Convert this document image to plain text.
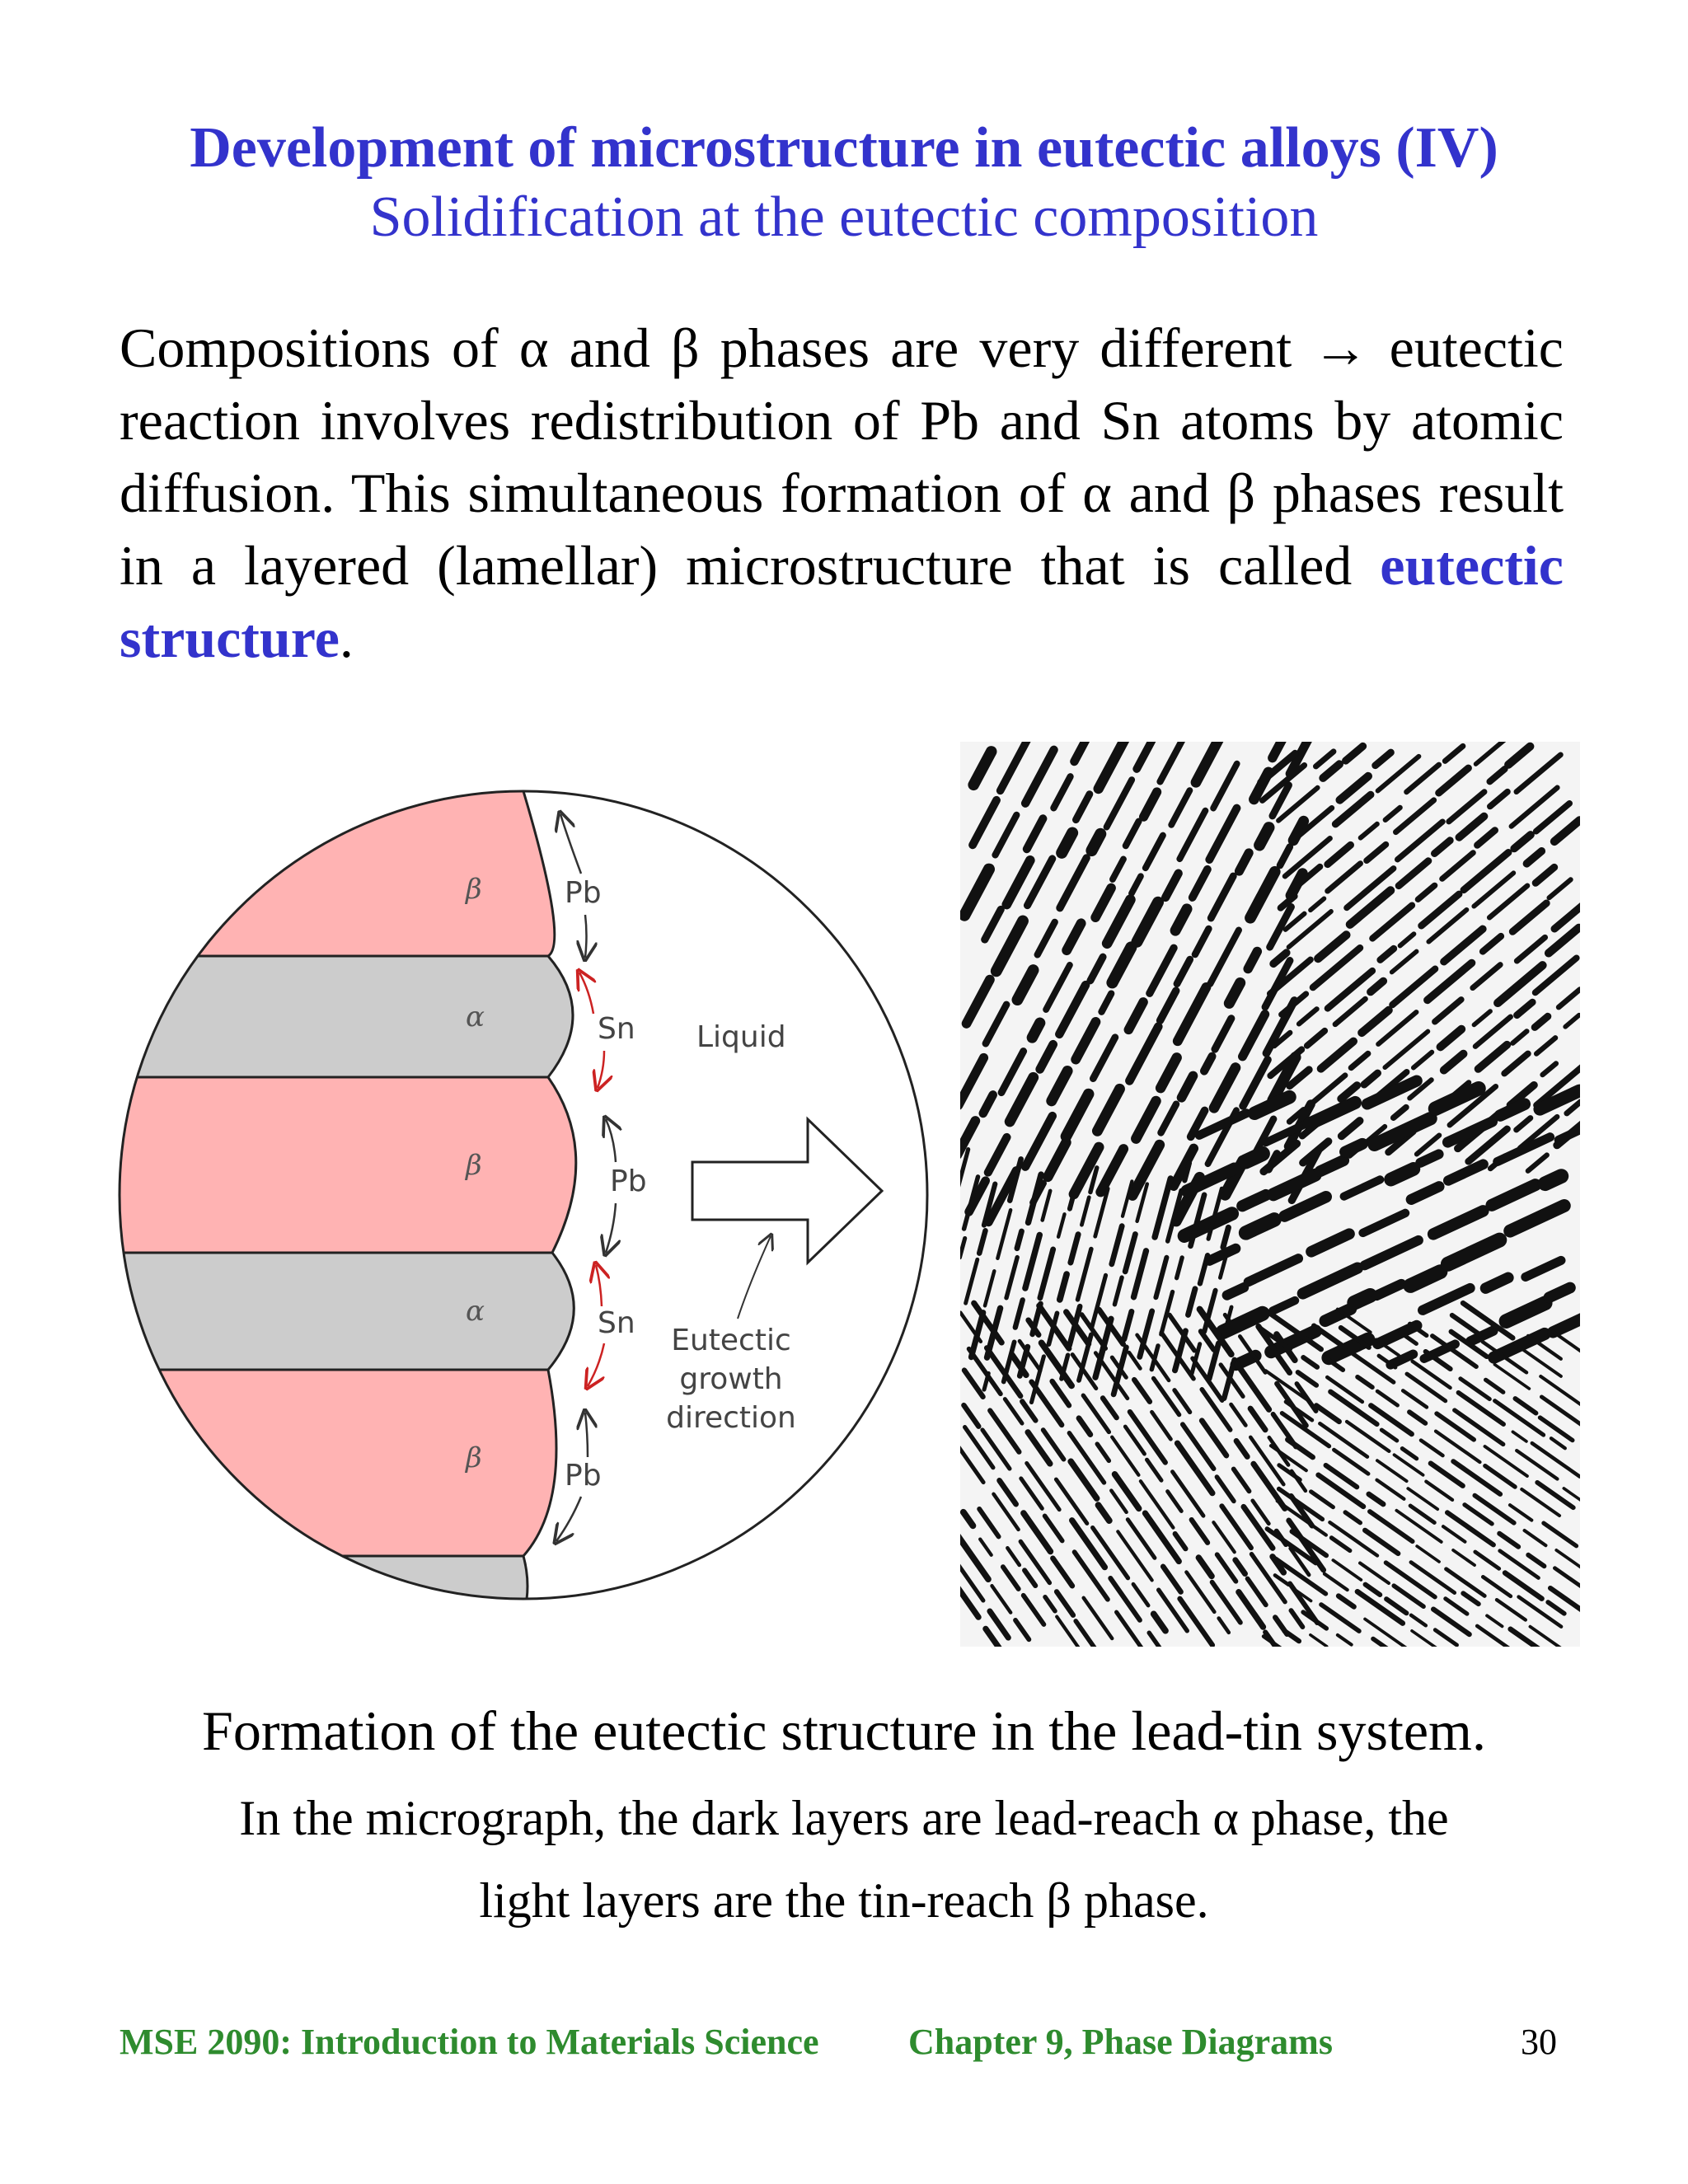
Development of microstructure in eutectic alloys (IV)
Solidification at the eutectic composition
Compositions of α and β phases are very different → eutectic reaction involves redistribution of Pb and Sn atoms by atomic diffusion. This simultaneous formation of α and β phases result in a layered (lamellar) microstructure that is called eutectic structure.
β
α
β
α
β
Pb
Sn
Pb
Sn
Pb
Liquid
Eutectic
growth
direction
Formation of the eutectic structure in the lead-tin system.
In the micrograph, the dark layers are lead-reach α phase, the
light layers are the tin-reach β phase.
MSE 2090: Introduction to Materials Science Chapter 9, Phase Diagrams	30
